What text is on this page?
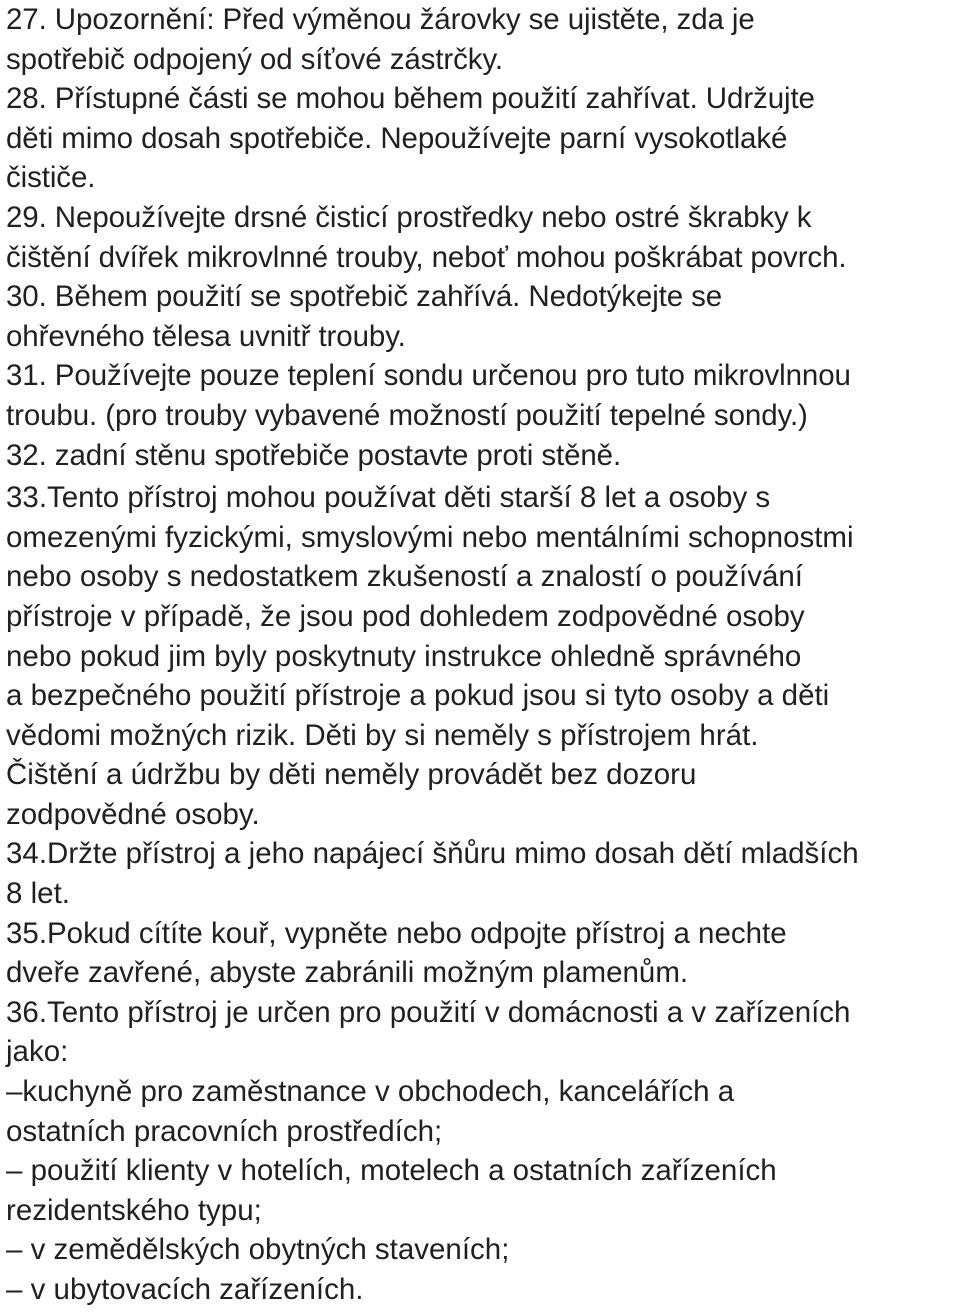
27. Upozornění: Před výměnou žárovky se ujistěte, zda je
spotřebič odpojený od síťové zástrčky.
28. Přístupné části se mohou během použití zahřívat. Udržujte
děti mimo dosah spotřebiče. Nepoužívejte parní vysokotlaké
čističe.
29. Nepoužívejte drsné čisticí prostředky nebo ostré škrabky k
čištění dvířek mikrovlnné trouby, neboť mohou poškrábat povrch.
30. Během použití se spotřebič zahřívá. Nedotýkejte se
ohřevného tělesa uvnitř trouby.
31. Používejte pouze teplení sondu určenou pro tuto mikrovlnnou
troubu. (pro trouby vybavené možností použití tepelné sondy.)
32. zadní stěnu spotřebiče postavte proti stěně.
33.Tento přístroj mohou používat děti starší 8 let a osoby s
omezenými fyzickými, smyslovými nebo mentálními schopnostmi
nebo osoby s nedostatkem zkušeností a znalostí o používání
přístroje v případě, že jsou pod dohledem zodpovědné osoby
nebo pokud jim byly poskytnuty instrukce ohledně správného
a bezpečného použití přístroje a pokud jsou si tyto osoby a děti
vědomi možných rizik. Děti by si neměly s přístrojem hrát.
Čištění a údržbu by děti neměly provádět bez dozoru
zodpovědné osoby.
34.Držte přístroj a jeho napájecí šňůru mimo dosah dětí mladších
8 let.
35.Pokud cítíte kouř, vypněte nebo odpojte přístroj a nechte
dveře zavřené, abyste zabránili možným plamenům.
36.Tento přístroj je určen pro použití v domácnosti a v zařízeních
jako:
–kuchyně pro zaměstnance v obchodech, kancelářích a
ostatních pracovních prostředích;
– použití klienty v hotelích, motelech a ostatních zařízeních
rezidentského typu;
– v zemědělských obytných staveních;
– v ubytovacích zařízeních.
